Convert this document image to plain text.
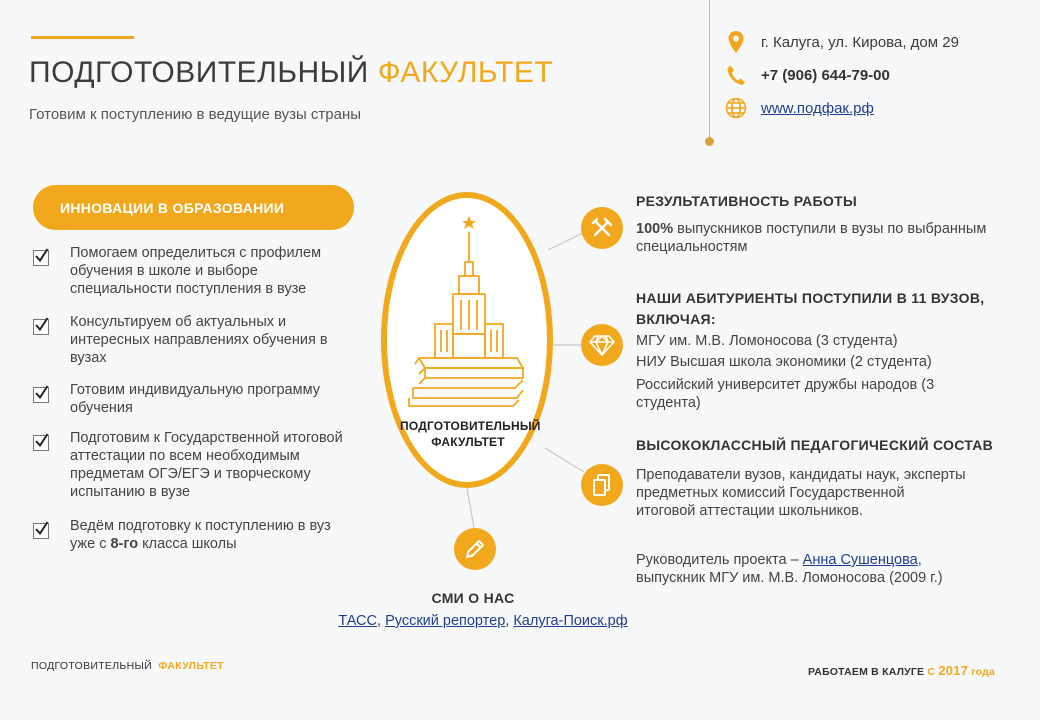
ПОДГОТОВИТЕЛЬНЫЙ ФАКУЛЬТЕТ
Готовим к поступлению в ведущие вузы страны
г. Калуга, ул. Кирова, дом 29
+7 (906) 644-79-00
www.подфак.рф
ИННОВАЦИИ В ОБРАЗОВАНИИ
Помогаем определиться с профилем обучения в школе и выборе специальности поступления в вузе
Консультируем об актуальных и интересных направлениях обучения в вузах
Готовим индивидуальную программу обучения
Подготовим к Государственной итоговой аттестации по всем необходимым предметам ОГЭ/ЕГЭ и творческому испытанию в вузе
Ведём подготовку к поступлению в вуз уже с 8-го класса школы
ПОДГОТОВИТЕЛЬНЫЙ
ФАКУЛЬТЕТ
РЕЗУЛЬТАТИВНОСТЬ РАБОТЫ
100% выпускников поступили в вузы по выбранным специальностям
НАШИ АБИТУРИЕНТЫ ПОСТУПИЛИ В 11 ВУЗОВ,
ВКЛЮЧАЯ:
МГУ им. М.В. Ломоносова (3 студента)
НИУ Высшая школа экономики (2 студента)
Российский университет дружбы народов (3 студента)
ВЫСОКОКЛАССНЫЙ ПЕДАГОГИЧЕСКИЙ СОСТАВ
Преподаватели вузов, кандидаты наук, эксперты предметных комиссий Государственной итоговой аттестации школьников.
Руководитель проекта – Анна Сушенцова,
выпускник МГУ им. М.В. Ломоносова (2009 г.)
СМИ О НАС
ТАСС, Русский репортер, Калуга-Поиск.рф
ПОДГОТОВИТЕЛЬНЫЙ ФАКУЛЬТЕТ	РАБОТАЕМ В КАЛУГЕ С 2017 года
